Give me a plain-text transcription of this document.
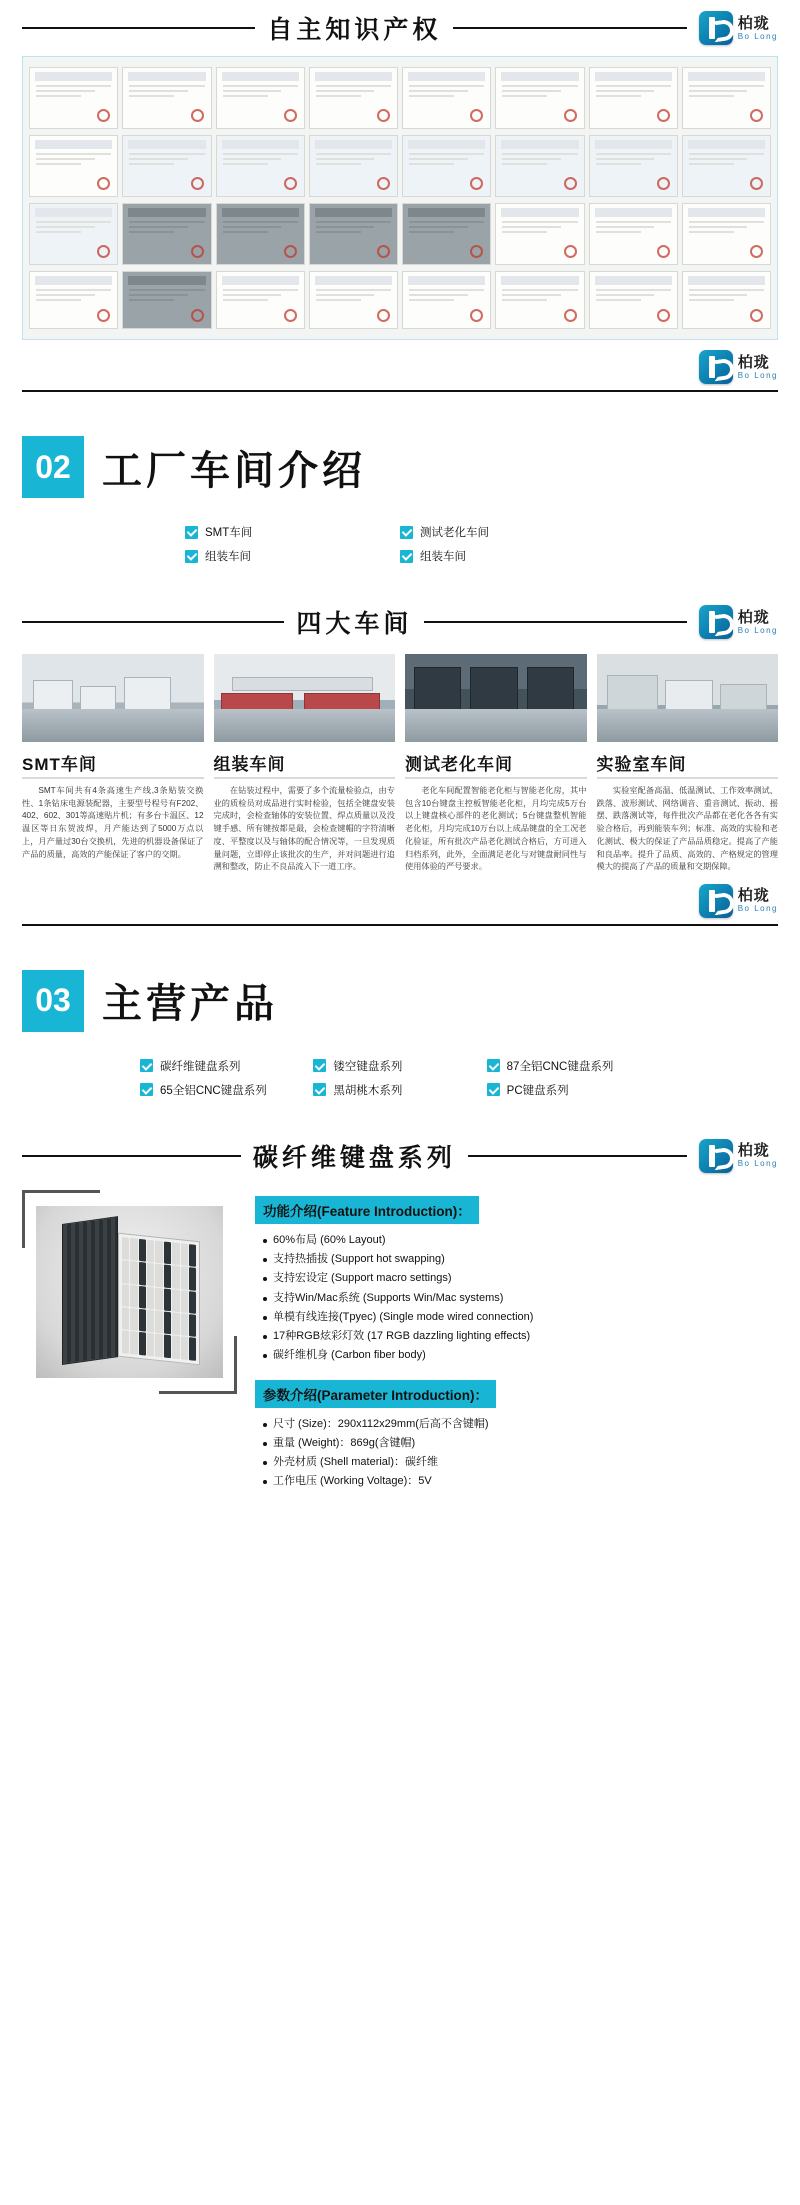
自主知识产权	柏珑
Bo Long
柏珑
Bo Long
02 工厂车间介绍
SMT车间	测试老化车间
组装车间	组装车间
四大车间	柏珑
Bo Long
SMT车间

SMT车间共有4条高速生产线,3条贴装交换性、1条钻床电源装配器，主要型号程号有F202、402、602、301等高速贴片机；有多台卡温区、12温区等日东贺波焊，月产能达到了5000万点以上，月产量过30台交换机，先进的机器设备保证了产品的质量，高效的产能保证了客户的交期。

组装车间

在钻装过程中，需要了多个流量检验点，由专业的质检员对成品进行实时检验，包括全键盘安装完成时，会检查轴体的安装位置、焊点质量以及没键手感、所有键按都是最，会检查键帽的字符清晰度、平整度以及与轴体的配合情况等，一旦发现质量问题，立即停止该批次的生产，并对问题进行追溯和整改，防止不良品流入下一道工序。

测试老化车间

老化车间配置智能老化柜与智能老化房，其中包含10台键盘主控板智能老化柜，月均完成5万台以上键盘核心部件的老化测试；5台键盘整机智能老化柜，月均完成10万台以上成品键盘的全工况老化验证，所有批次产品老化测试合格后，方可进入归档系列，此外，全面满足老化与对键盘耐同性与使用体验的严号要求。

实验室车间

实验室配备高温、低温测试、工作效率测试、跌落、波形测试、网络调音、重音测试、振动、摇摆、跌落测试等，每件批次产品都在老化各各有实验合格后，再到能装车列；标准、高效的实验和老化测试、极大的保证了产品品质稳定。提高了产能和良品率。提升了品质、高效的、产格规定的管理模大的提高了产品的质量和交期保障。

柏珑
Bo Long
03 主营产品
碳纤维键盘系列	镂空键盘系列	87全铝CNC键盘系列
65全铝CNC键盘系列	黑胡桃木系列	PC键盘系列
碳纤维键盘系列	柏珑
Bo Long
功能介绍(Feature Introduction)：
60%布局 (60% Layout)
支持热插拔 (Support hot swapping)
支持宏设定 (Support macro settings)
支持Win/Mac系统 (Supports Win/Mac systems)
单模有线连接(Tpyec) (Single mode wired connection)
17种RGB炫彩灯效 (17 RGB dazzling lighting effects)
碳纤维机身 (Carbon fiber body)
参数介绍(Parameter Introduction)：
尺寸 (Size)：290x112x29mm(后高不含键帽)
重量 (Weight)：869g(含键帽)
外壳材质 (Shell material)：碳纤维
工作电压 (Working Voltage)：5V
